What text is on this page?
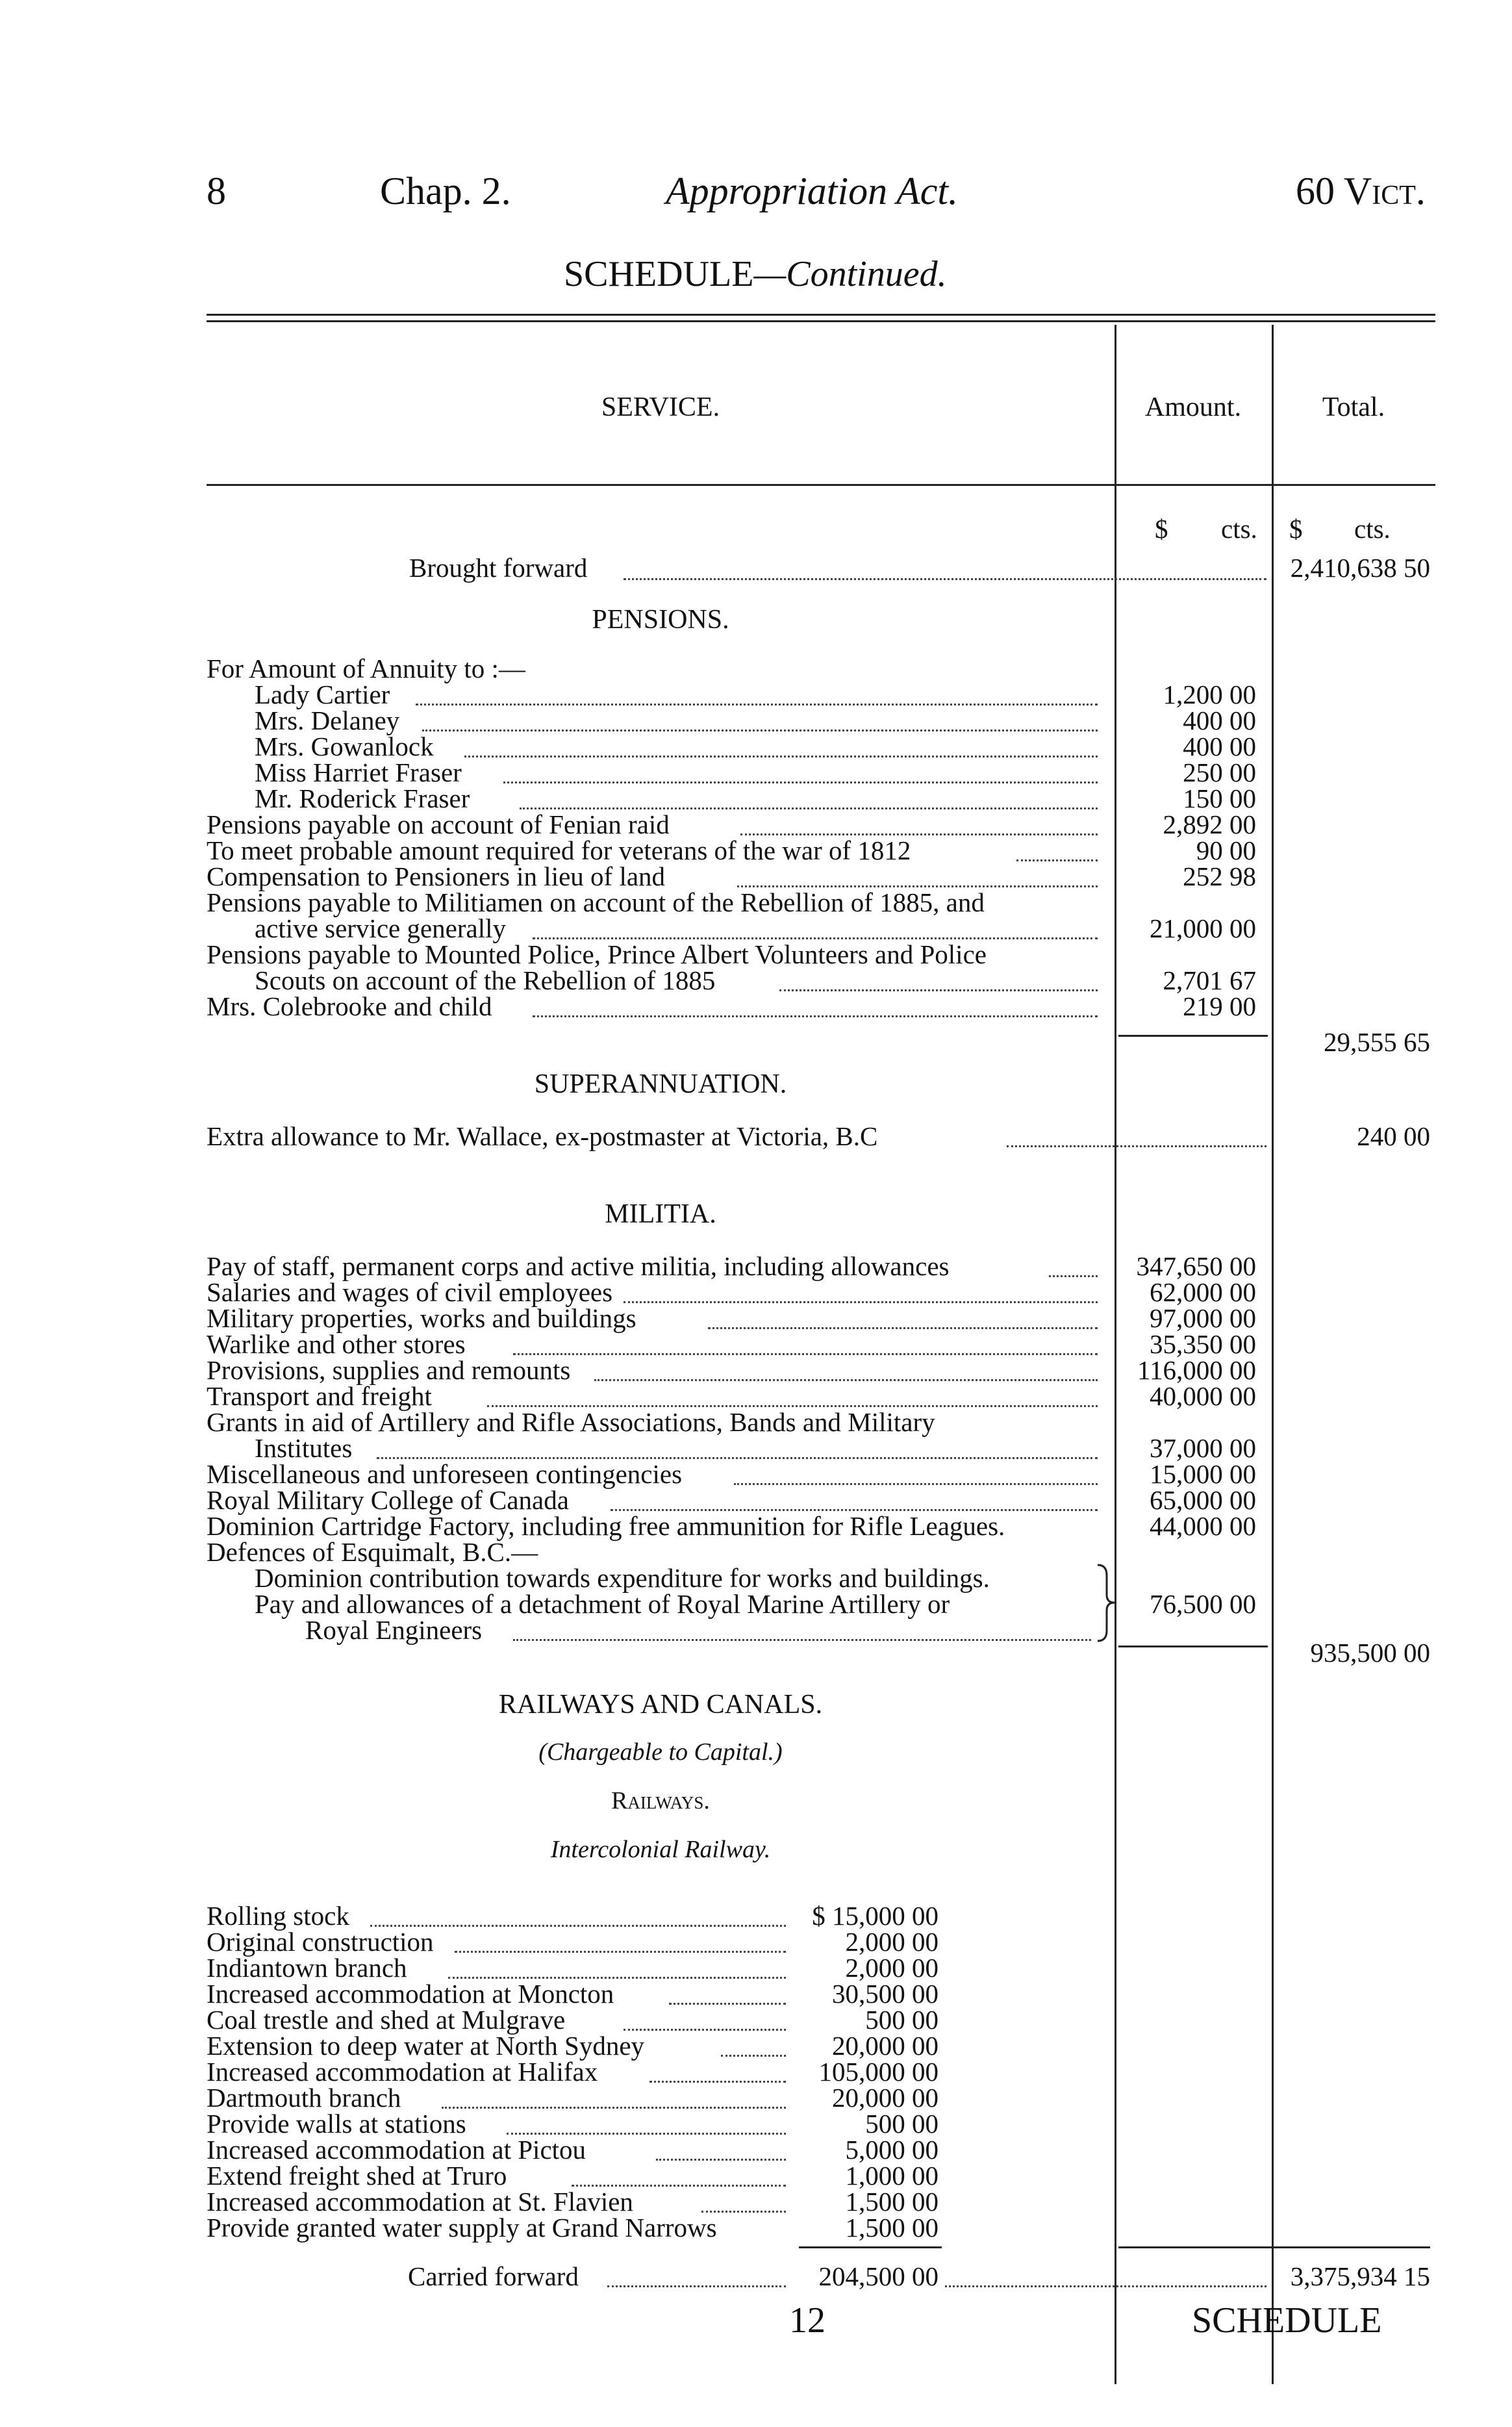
8	Chap. 2.	Appropriation Act.	60 Vict.
SCHEDULE—Continued.
SERVICE.	Amount.	Total.
$ cts. $ cts.
Brought forward	2,410,638 50
PENSIONS.
For Amount of Annuity to :—
Lady Cartier	1,200 00
Mrs. Delaney	400 00
Mrs. Gowanlock	400 00
Miss Harriet Fraser	250 00
Mr. Roderick Fraser	150 00
Pensions payable on account of Fenian raid	2,892 00
To meet probable amount required for veterans of the war of 1812	90 00
Compensation to Pensioners in lieu of land	252 98
Pensions payable to Militiamen on account of the Rebellion of 1885, and
active service generally	21,000 00
Pensions payable to Mounted Police, Prince Albert Volunteers and Police
Scouts on account of the Rebellion of 1885	2,701 67
Mrs. Colebrooke and child	219 00
29,555 65
SUPERANNUATION.
Extra allowance to Mr. Wallace, ex-postmaster at Victoria, B.C	240 00
MILITIA.
Pay of staff, permanent corps and active militia, including allowances	347,650 00
Salaries and wages of civil employees	62,000 00
Military properties, works and buildings	97,000 00
Warlike and other stores	35,350 00
Provisions, supplies and remounts	116,000 00
Transport and freight	40,000 00
Grants in aid of Artillery and Rifle Associations, Bands and Military
Institutes	37,000 00
Miscellaneous and unforeseen contingencies	15,000 00
Royal Military College of Canada	65,000 00
Dominion Cartridge Factory, including free ammunition for Rifle Leagues.	44,000 00
Defences of Esquimalt, B.C.—
Dominion contribution towards expenditure for works and buildings.
Pay and allowances of a detachment of Royal Marine Artillery or
Royal Engineers
76,500 00
935,500 00
RAILWAYS AND CANALS.
(Chargeable to Capital.)
Railways.
Intercolonial Railway.
Rolling stock	$ 15,000 00
Original construction	2,000 00
Indiantown branch	2,000 00
Increased accommodation at Moncton	30,500 00
Coal trestle and shed at Mulgrave	500 00
Extension to deep water at North Sydney	20,000 00
Increased accommodation at Halifax	105,000 00
Dartmouth branch	20,000 00
Provide walls at stations	500 00
Increased accommodation at Pictou	5,000 00
Extend freight shed at Truro	1,000 00
Increased accommodation at St. Flavien	1,500 00
Provide granted water supply at Grand Narrows	1,500 00
Carried forward	204,500 00	3,375,934 15
12	SCHEDULE
